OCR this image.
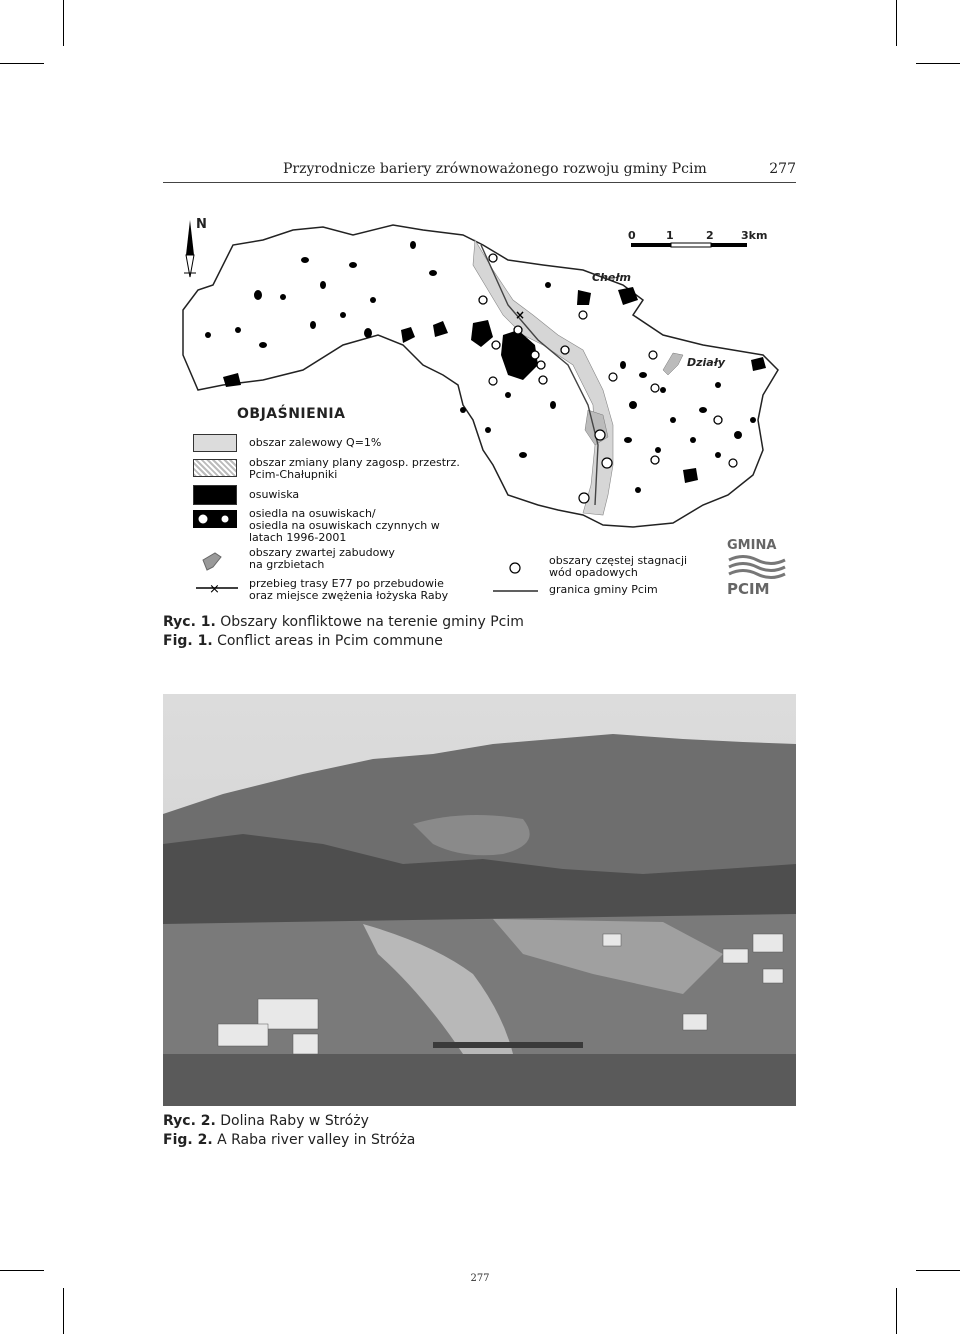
Przyrodnicze bariery zrównoważonego rozwoju gminy Pcim	277
×
×
N
0	1	2 3km
Chełm
Działy
OBJAŚNIENIA
obszar zalewowy Q=1%
obszar zmiany plany zagosp. przestrz.
Pcim-Chałupniki
osuwiska
osiedla na osuwiskach/
osiedla na osuwiskach czynnych w
latach 1996-2001
obszary zwartej zabudowy
na grzbietach
przebieg trasy E77 po przebudowie
oraz miejsce zwężenia łożyska Raby
obszary częstej stagnacji
wód opadowych
granica gminy Pcim
GMINA
PCIM
Ryc. 1. Obszary konfliktowe na terenie gminy Pcim
Fig. 1. Conflict areas in Pcim commune
Ryc. 2. Dolina Raby w Stróży
Fig. 2. A Raba river valley in Stróża
277
